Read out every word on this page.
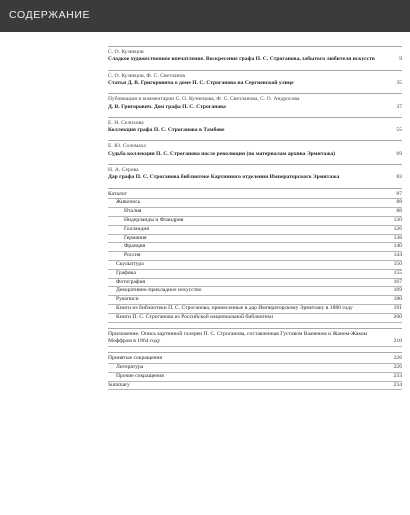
СОДЕРЖАНИЕ
С. О. Кузнецов
Сладкое художественное впечатление. Воскресение графа П. С. Строганова, забытого любителя искусств	9
С. О. Кузнецов, Ф. С. Светланов
Статья Д. В. Григоровича о доме П. С. Строганова на Сергиевской улице	35
Публикация и комментарии С. О. Кузнецова, Ф. С. Светланова, С. О. Андросова
Д. В. Григорович. Дом графа П. С. Строганова	37
Е. Н. Селихова
Коллекция графа П. С. Строганова в Тамбове	55
Е. Ю. Соломаха
Судьба коллекции П. С. Строганова после революции (по материалам архива Эрмитажа)	69
Н. А. Серова
Дар графа П. С. Строганова библиотеке Картинного отделения Императорского Эрмитажа	83
Каталог	87
Живопись	88
Италия	88
Нидерланды и Фландрия	120
Голландия	126
Германия	138
Франция	140
Россия	144
Скульптура	150
Графика	155
Фотография	167
Декоративно-прикладное искусство	169
Рукописи	180
Книги из библиотеки П. С. Строганова, принесенные в дар Императорскому Эрмитажу в 1880 году	191
Книги П. С. Строганова из Российской национальной библиотеки	200
Приложение. Опись картинной галереи П. С. Строганова, составленная Густавом Вааченом и Жаном-Жаком Моффром в 1864 году	210
Принятые сокращения	226
Литература	226
Прочие сокращения	233
Summary	234
